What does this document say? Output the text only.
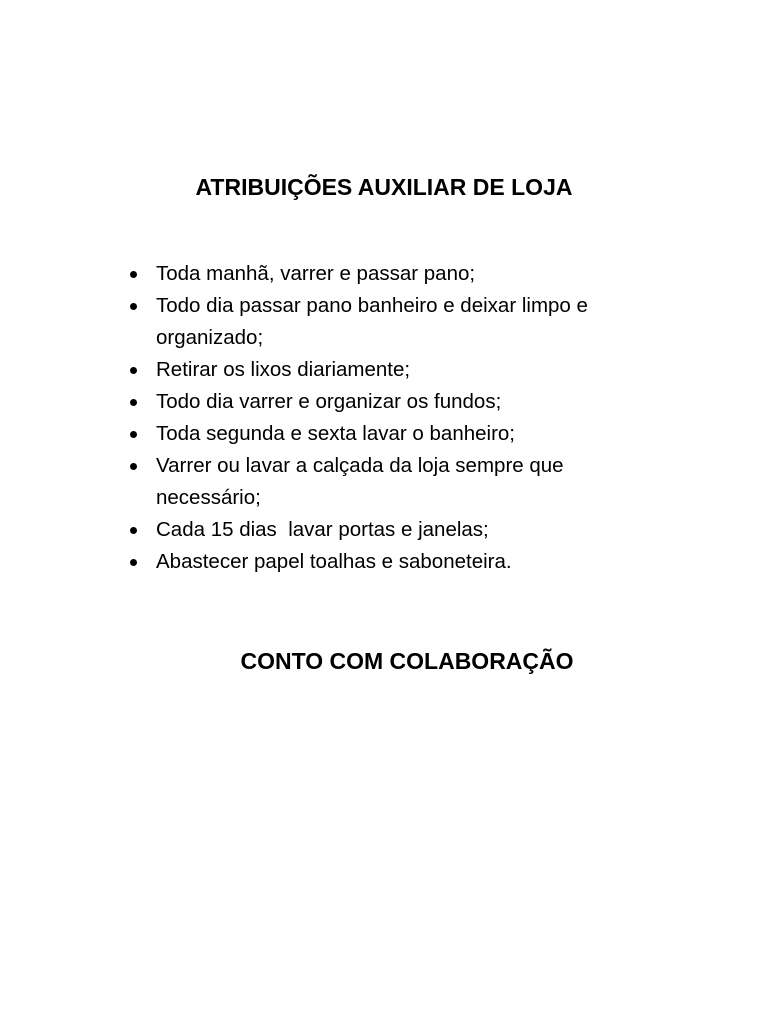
ATRIBUIÇÕES AUXILIAR DE LOJA
Toda manhã, varrer e passar pano;
Todo dia passar pano banheiro e deixar limpo e organizado;
Retirar os lixos diariamente;
Todo dia varrer e organizar os fundos;
Toda segunda e sexta lavar o banheiro;
Varrer ou lavar a calçada da loja sempre que necessário;
Cada 15 dias  lavar portas e janelas;
Abastecer papel toalhas e saboneteira.
CONTO COM COLABORAÇÃO
